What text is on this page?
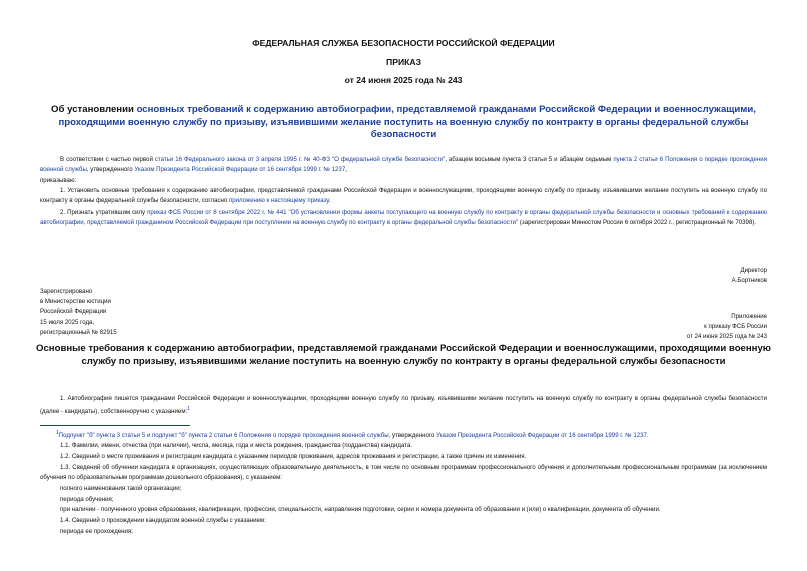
ФЕДЕРАЛЬНАЯ СЛУЖБА БЕЗОПАСНОСТИ РОССИЙСКОЙ ФЕДЕРАЦИИ
ПРИКАЗ
от 24 июня 2025 года № 243
Об установлении основных требований к содержанию автобиографии, представляемой гражданами Российской Федерации и военнослужащими, проходящими военную службу по призыву, изъявившими желание поступить на военную службу по контракту в органы федеральной службы безопасности
В соответствии с частью первой статьи 16 Федерального закона от 3 апреля 1995 г. № 40-ФЗ "О федеральной службе безопасности", абзацем восьмым пункта 3 статьи 5 и абзацем седьмым пункта 2 статьи 6 Положения о порядке прохождения военной службы, утвержденного Указом Президента Российской Федерации от 16 сентября 1999 г. № 1237,
приказываю:
1. Установить основные требования к содержанию автобиографии, представляемой гражданами Российской Федерации и военнослужащими, проходящими военную службу по призыву, изъявившими желание поступить на военную службу по контракту в органы федеральной службы безопасности, согласно приложению к настоящему приказу.
2. Признать утратившим силу приказ ФСБ России от 8 сентября 2022 г. № 441 "Об установлении формы анкеты поступающего на военную службу по контракту в органы федеральной службы безопасности и основных требований к содержанию автобиографии, представляемой гражданином Российской Федерации при поступлении на военную службу по контракту в органы федеральной службы безопасности" (зарегистрирован Минюстом России 6 октября 2022 г., регистрационный № 70398).
Директор
А.Бортников
Зарегистрировано
в Министерстве юстиции
Российской Федерации
15 июля 2025 года,
регистрационный № 82915
Приложение
к приказу ФСБ России
от 24 июня 2025 года № 243
Основные требования к содержанию автобиографии, представляемой гражданами Российской Федерации и военнослужащими, проходящими военную службу по призыву, изъявившими желание поступить на военную службу по контракту в органы федеральной службы безопасности
1. Автобиография пишется гражданами Российской Федерации и военнослужащими, проходящими военную службу по призыву, изъявившими желание поступить на военную службу по контракту в органы федеральной службы безопасности (далее - кандидаты), собственноручно с указанием:$^1$
$^1$Подпункт "б" пункта 3 статьи 5 и подпункт "б" пункта 2 статьи 6 Положения о порядке прохождения военной службы, утвержденного Указом Президента Российской Федерации от 16 сентября 1999 г. № 1237.
1.1. Фамилии, имени, отчества (при наличии), числа, месяца, года и места рождения, гражданства (подданства) кандидата.
1.2. Сведений о месте проживания и регистрации кандидата с указанием периодов проживания, адресов проживания и регистрации, а также причин их изменения.
1.3. Сведений об обучении кандидата в организациях, осуществляющих образовательную деятельность, в том числе по основным программам профессионального обучения и дополнительным профессиональным программам (за исключением обучения по образовательным программам дошкольного образования), с указанием:
полного наименования такой организации;
периода обучения;
при наличии - полученного уровня образования, квалификации, профессии, специальности, направления подготовки, серии и номера документа об образовании и (или) о квалификации, документа об обучении.
1.4. Сведений о прохождении кандидатом военной службы с указанием:
периода ее прохождения;
